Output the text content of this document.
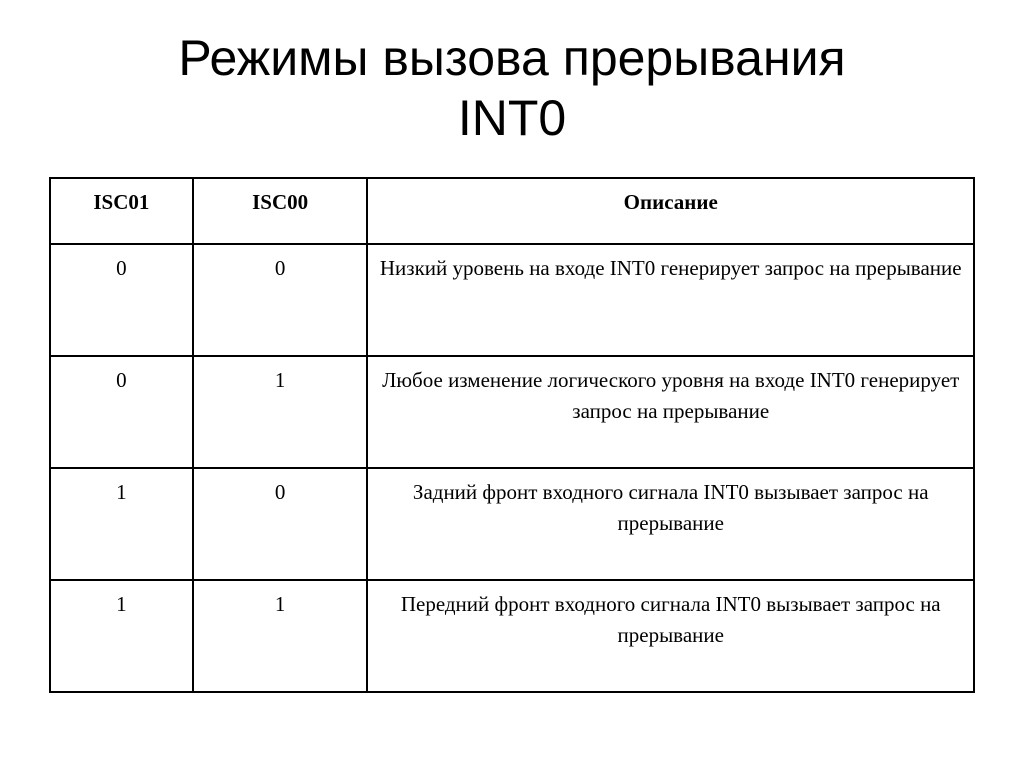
Режимы вызова прерывания
INT0
ISC01	ISC00	Описание
0	0	Низкий уровень на входе INT0 генерирует запрос на прерывание
0	1	Любое изменение логического уровня на входе INT0 генерирует запрос на прерывание
1	0	Задний фронт входного сигнала INT0 вызывает запрос на прерывание
1	1	Передний фронт входного сигнала INT0 вызывает запрос на прерывание
